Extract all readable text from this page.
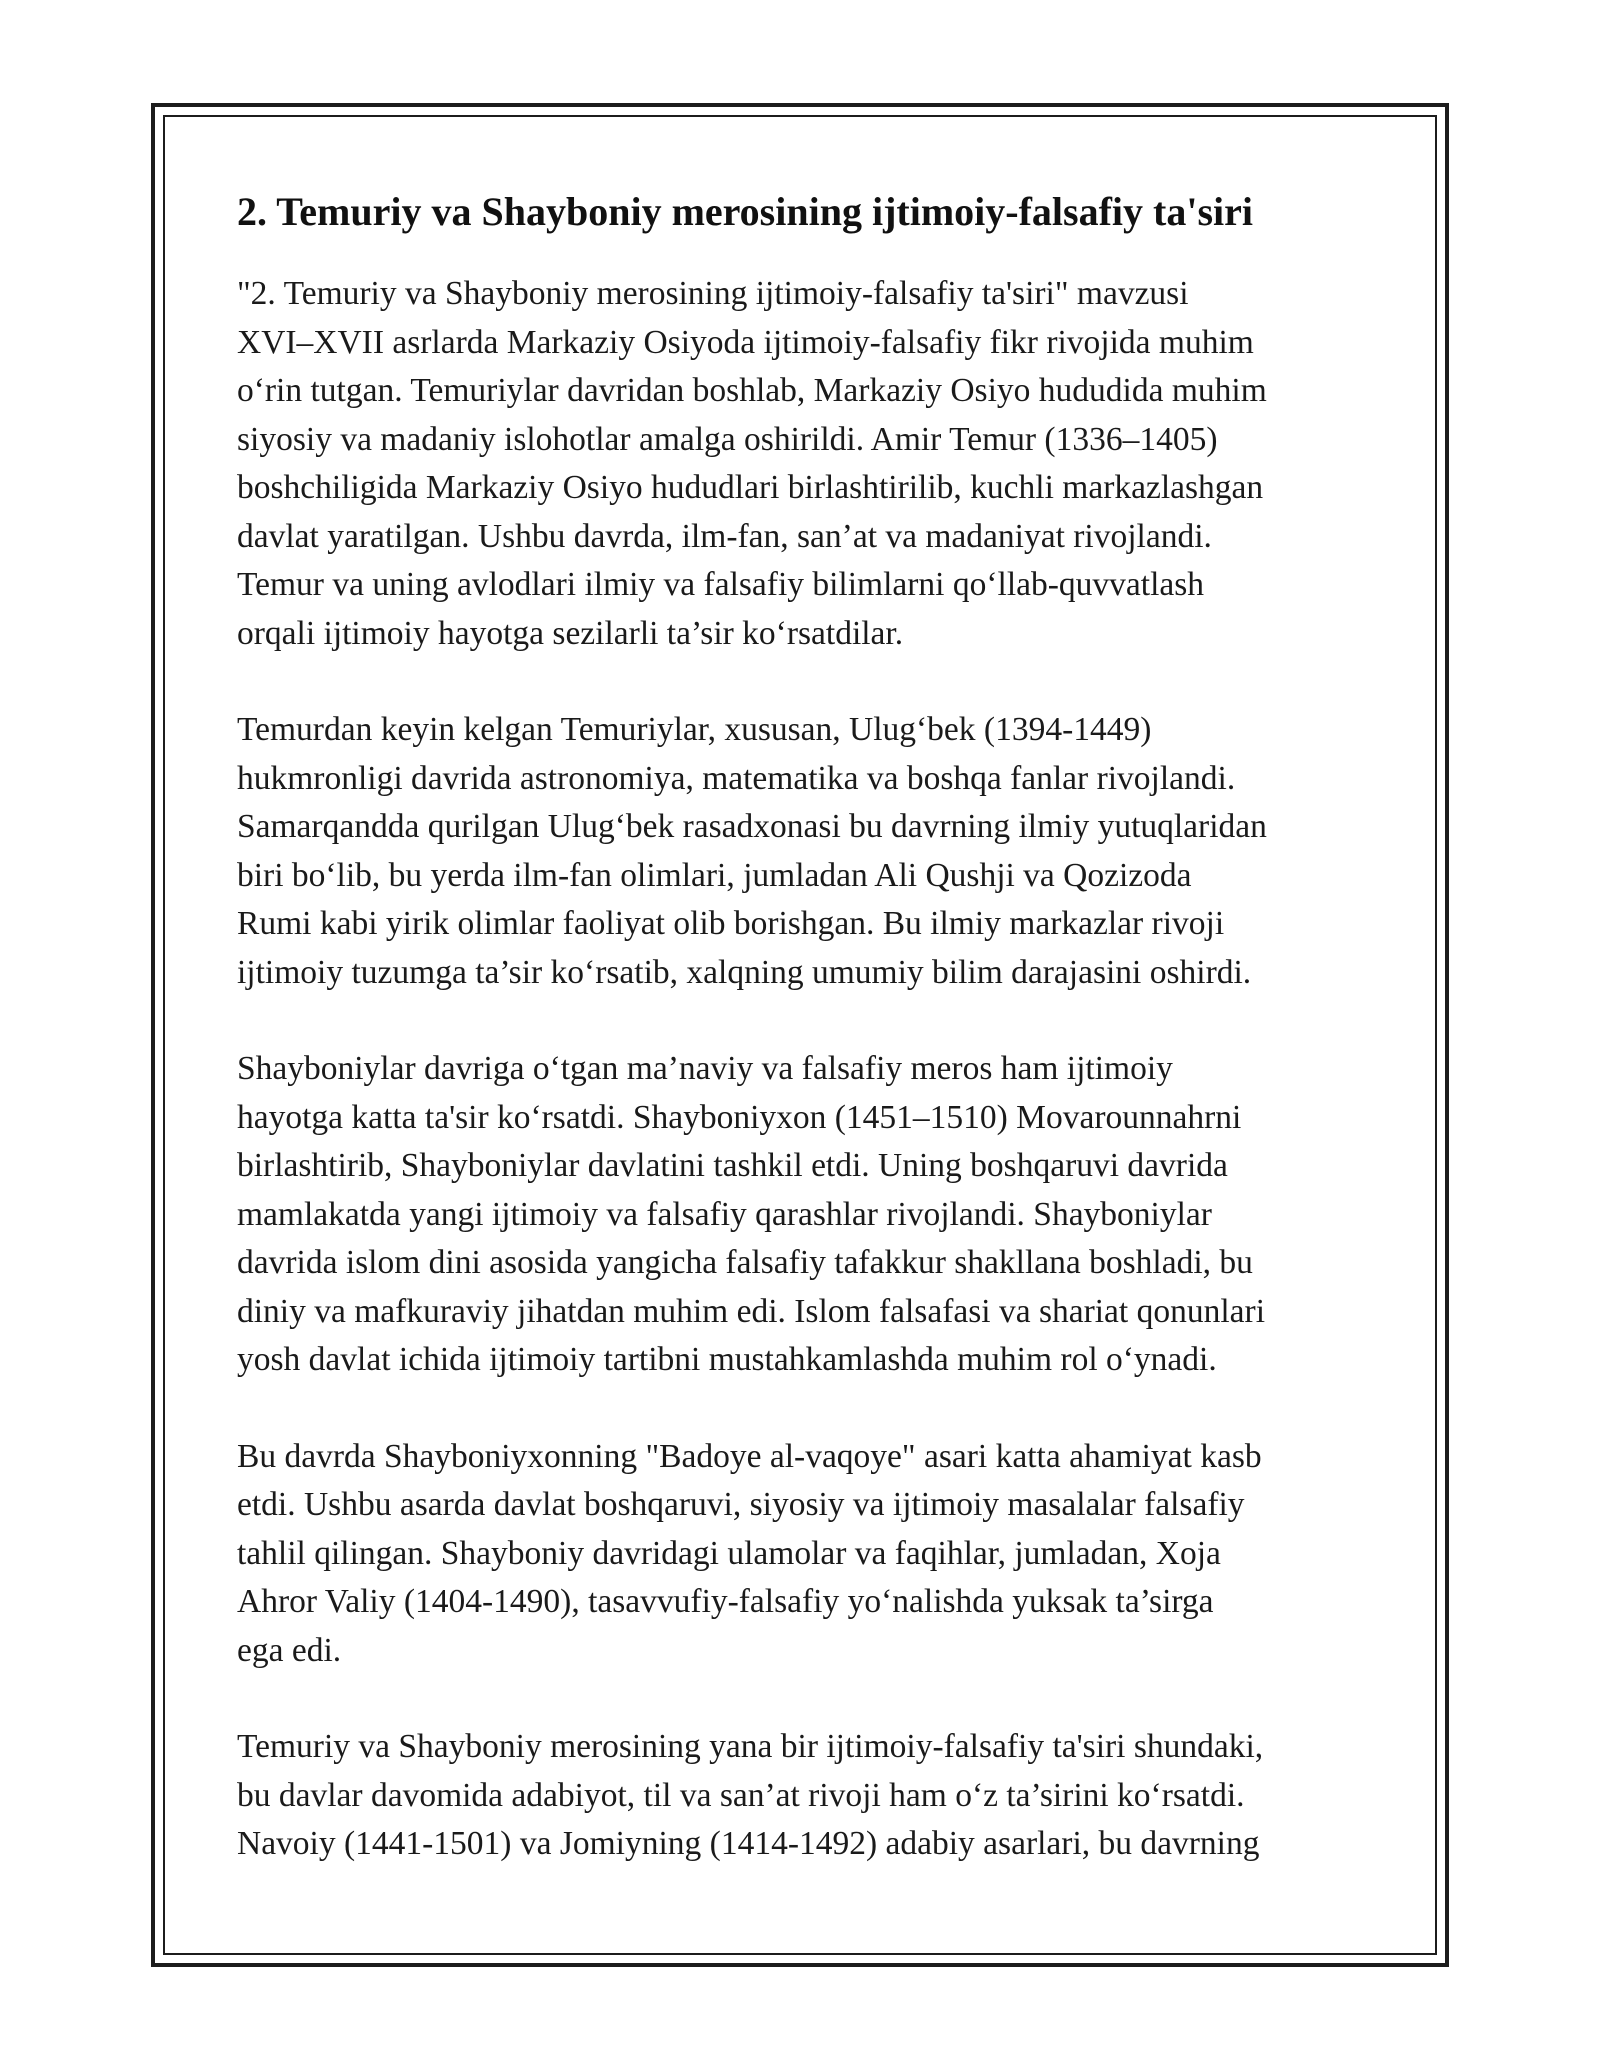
2. Temuriy va Shayboniy merosining ijtimoiy-falsafiy ta'siri

"2. Temuriy va Shayboniy merosining ijtimoiy-falsafiy ta'siri" mavzusi
XVI–XVII asrlarda Markaziy Osiyoda ijtimoiy-falsafiy fikr rivojida muhim
oʻrin tutgan. Temuriylar davridan boshlab, Markaziy Osiyo hududida muhim
siyosiy va madaniy islohotlar amalga oshirildi. Amir Temur (1336–1405)
boshchiligida Markaziy Osiyo hududlari birlashtirilib, kuchli markazlashgan
davlat yaratilgan. Ushbu davrda, ilm-fan, san’at va madaniyat rivojlandi.
Temur va uning avlodlari ilmiy va falsafiy bilimlarni qoʻllab-quvvatlash
orqali ijtimoiy hayotga sezilarli ta’sir koʻrsatdilar.

Temurdan keyin kelgan Temuriylar, xususan, Ulugʻbek (1394-1449)
hukmronligi davrida astronomiya, matematika va boshqa fanlar rivojlandi.
Samarqandda qurilgan Ulugʻbek rasadxonasi bu davrning ilmiy yutuqlaridan
biri boʻlib, bu yerda ilm-fan olimlari, jumladan Ali Qushji va Qozizoda
Rumi kabi yirik olimlar faoliyat olib borishgan. Bu ilmiy markazlar rivoji
ijtimoiy tuzumga ta’sir koʻrsatib, xalqning umumiy bilim darajasini oshirdi.

Shayboniylar davriga oʻtgan ma’naviy va falsafiy meros ham ijtimoiy
hayotga katta ta'sir koʻrsatdi. Shayboniyxon (1451–1510) Movarounnahrni
birlashtirib, Shayboniylar davlatini tashkil etdi. Uning boshqaruvi davrida
mamlakatda yangi ijtimoiy va falsafiy qarashlar rivojlandi. Shayboniylar
davrida islom dini asosida yangicha falsafiy tafakkur shakllana boshladi, bu
diniy va mafkuraviy jihatdan muhim edi. Islom falsafasi va shariat qonunlari
yosh davlat ichida ijtimoiy tartibni mustahkamlashda muhim rol oʻynadi.

Bu davrda Shayboniyxonning "Badoye al-vaqoye" asari katta ahamiyat kasb
etdi. Ushbu asarda davlat boshqaruvi, siyosiy va ijtimoiy masalalar falsafiy
tahlil qilingan. Shayboniy davridagi ulamolar va faqihlar, jumladan, Xoja
Ahror Valiy (1404-1490), tasavvufiy-falsafiy yoʻnalishda yuksak ta’sirga
ega edi.

Temuriy va Shayboniy merosining yana bir ijtimoiy-falsafiy ta'siri shundaki,
bu davlar davomida adabiyot, til va san’at rivoji ham oʻz ta’sirini koʻrsatdi.
Navoiy (1441-1501) va Jomiyning (1414-1492) adabiy asarlari, bu davrning
